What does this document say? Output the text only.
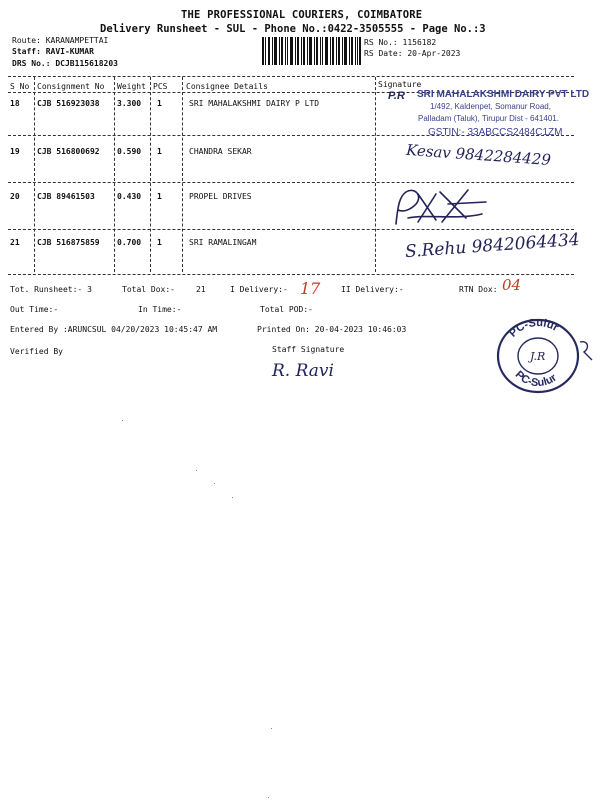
THE PROFESSIONAL COURIERS, COIMBATORE
Delivery Runsheet - SUL - Phone No.:0422-3505555 - Page No.:3
Route: KARANAMPETTAI
Staff: RAVI-KUMAR
DRS No.: DCJB115618203
RS No.: 1156182
RS Date: 20-Apr-2023
S No Consignment No Weight PCS Consignee Details	Signature
18 CJB 516923038 3.300 1	SRI MAHALAKSHMI DAIRY P LTD
19 CJB 516800692 0.590 1	CHANDRA SEKAR
20 CJB 89461503	0.430 1	PROPEL DRIVES
21 CJB 516875859 0.700 1	SRI RAMALINGAM
P.R SRI MAHALAKSHMI DAIRY PVT LTD
1/492, Kaldenpet, Somanur Road,
Palladam (Taluk), Tirupur Dist - 641401.
GSTIN:- 33ABCCS2484C1ZM
Kesav 9842284429
S.Rehu 9842064434
Tot. Runsheet:- 3	Total Dox:-	21	I Delivery:- 17	II Delivery:-	RTN Dox: 04
Out Time:-	In Time:-	Total POD:-
Entered By :ARUNCSUL 04/20/2023 10:45:47 AM	Printed On: 20-04-2023 10:46:03
Verified By	Staff Signature
R. Ravi
PC-Sulur
PC-Sulur
J.R
